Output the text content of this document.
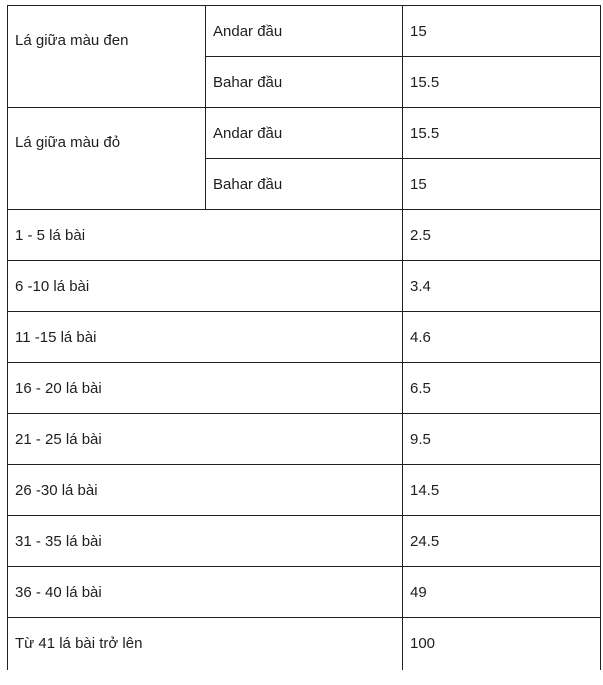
Lá giữa màu đen	Andar đầu	15
	Bahar đầu	15.5
Lá giữa màu đỏ	Andar đầu	15.5
	Bahar đầu	15
1 - 5 lá bài		2.5
6 -10 lá bài		3.4
11 -15 lá bài		4.6
16 - 20 lá bài		6.5
21 - 25 lá bài		9.5
26 -30 lá bài		14.5
31 - 35 lá bài		24.5
36 - 40 lá bài		49
Từ 41 lá bài trở lên		100
